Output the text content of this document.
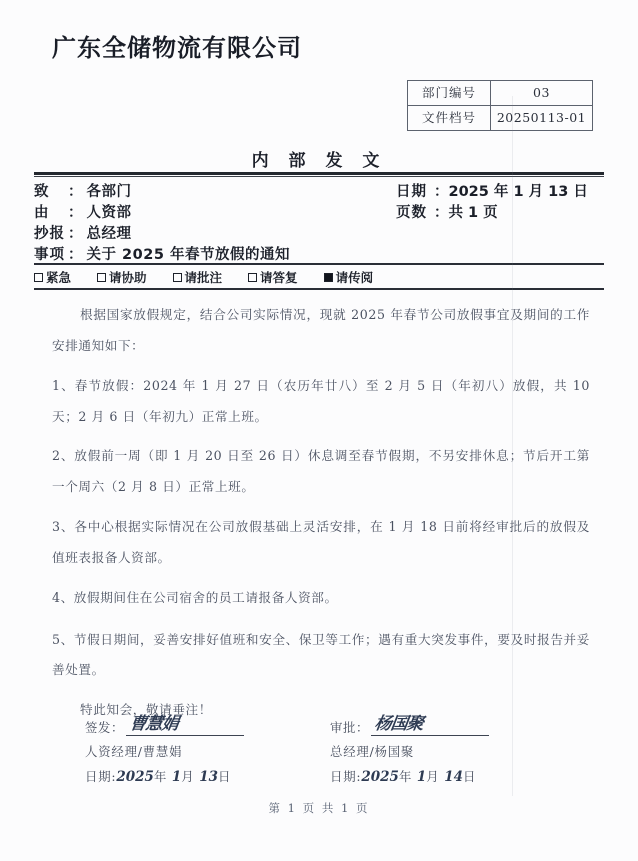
广东全储物流有限公司
部门编号	03
文件档号	20250113-01
内 部 发 文
致	： 各部门	日期 ：2025 年 1 月 13 日
由	： 人资部	页数 ：共 1 页
抄报 ： 总经理
事项 ： 关于 2025 年春节放假的通知
紧急	请协助	请批注	请答复	请传阅

根据国家放假规定，结合公司实际情况，现就 2025 年春节公司放假事宜及期间的工作安排通知如下：

1、春节放假：2024 年 1 月 27 日（农历年廿八）至 2 月 5 日（年初八）放假，共 10 天；2 月 6 日（年初九）正常上班。

2、放假前一周（即 1 月 20 日至 26 日）休息调至春节假期，不另安排休息；节后开工第一个周六（2 月 8 日）正常上班。

3、各中心根据实际情况在公司放假基础上灵活安排，在 1 月 18 日前将经审批后的放假及值班表报备人资部。

4、放假期间住在公司宿舍的员工请报备人资部。

5、节假日期间，妥善安排好值班和安全、保卫等工作；遇有重大突发事件，要及时报告并妥善处置。

特此知会，敬请垂注！

签发： 曹慧娟
人资经理/曹慧娟
日期:2025年 1月 13日
审批： 杨国聚
总经理/杨国聚
日期:2025年 1月 14日
第 1 页 共 1 页
